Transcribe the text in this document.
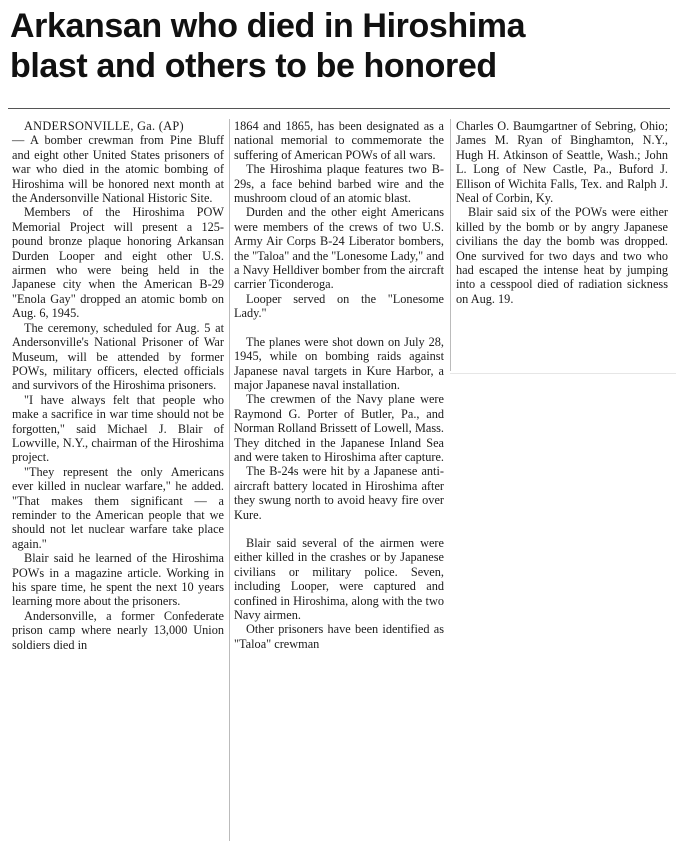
Arkansan who died in Hiroshima
blast and others to be honored

ANDERSONVILLE, Ga. (AP)

— A bomber crewman from Pine Bluff and eight other United States prisoners of war who died in the atomic bombing of Hiroshima will be honored next month at the Andersonville National Historic Site.

Members of the Hiroshima POW Memorial Project will present a 125-pound bronze plaque honoring Arkansan Durden Looper and eight other U.S. airmen who were being held in the Japanese city when the American B-29 "Enola Gay" dropped an atomic bomb on Aug. 6, 1945.

The ceremony, scheduled for Aug. 5 at Andersonville's National Prisoner of War Museum, will be attended by former POWs, military officers, elected officials and survivors of the Hiroshima prisoners.

"I have always felt that people who make a sacrifice in war time should not be forgotten," said Michael J. Blair of Lowville, N.Y., chairman of the Hiroshima project.

"They represent the only Americans ever killed in nuclear warfare," he added. "That makes them significant — a reminder to the American people that we should not let nuclear warfare take place again."

Blair said he learned of the Hiroshima POWs in a magazine article. Working in his spare time, he spent the next 10 years learning more about the prisoners.

Andersonville, a former Confederate prison camp where nearly 13,000 Union soldiers died in

1864 and 1865, has been designated as a national memorial to commemorate the suffering of American POWs of all wars.

The Hiroshima plaque features two B-29s, a face behind barbed wire and the mushroom cloud of an atomic blast.

Durden and the other eight Americans were members of the crews of two U.S. Army Air Corps B-24 Liberator bombers, the "Taloa" and the "Lonesome Lady," and a Navy Helldiver bomber from the aircraft carrier Ticonderoga.

Looper served on the "Lonesome Lady."

The planes were shot down on July 28, 1945, while on bombing raids against Japanese naval targets in Kure Harbor, a major Japanese naval installation.

The crewmen of the Navy plane were Raymond G. Porter of Butler, Pa., and Norman Rolland Brissett of Lowell, Mass. They ditched in the Japanese Inland Sea and were taken to Hiroshima after capture.

The B-24s were hit by a Japanese anti-aircraft battery located in Hiroshima after they swung north to avoid heavy fire over Kure.

Blair said several of the airmen were either killed in the crashes or by Japanese civilians or military police. Seven, including Looper, were captured and confined in Hiroshima, along with the two Navy airmen.

Other prisoners have been identified as "Taloa" crewman

Charles O. Baumgartner of Sebring, Ohio; James M. Ryan of Binghamton, N.Y., Hugh H. Atkinson of Seattle, Wash.; John L. Long of New Castle, Pa., Buford J. Ellison of Wichita Falls, Tex. and Ralph J. Neal of Corbin, Ky.

Blair said six of the POWs were either killed by the bomb or by angry Japanese civilians the day the bomb was dropped. One survived for two days and two who had escaped the intense heat by jumping into a cesspool died of radiation sickness on Aug. 19.
